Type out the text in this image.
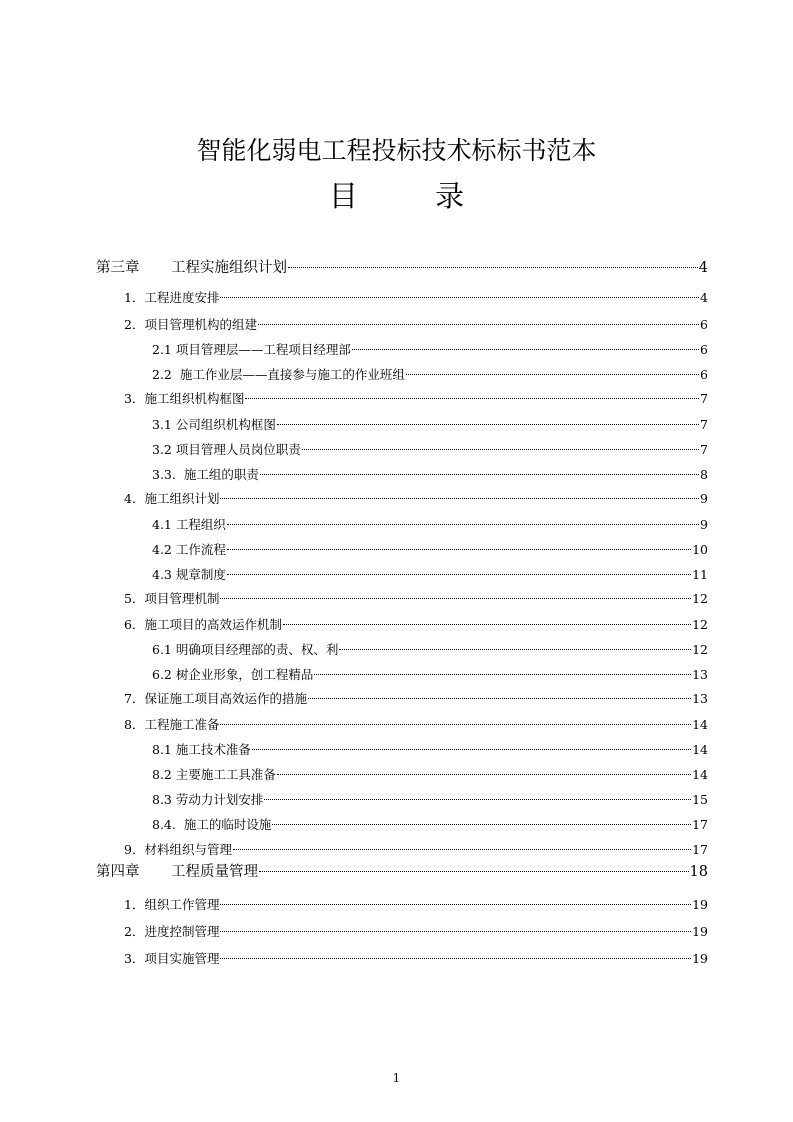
智能化弱电工程投标技术标标书范本
目 录
第三章	工程实施组织计划	4
1． 工程进度安排	4
2． 项目管理机构的组建	6
2.1 项目管理层——工程项目经理部	6
2.2 施工作业层——直接参与施工的作业班组	6
3． 施工组织机构框图	7
3.1 公司组织机构框图	7
3.2 项目管理人员岗位职责	7
3.3. 施工组的职责	8
4． 施工组织计划	9
4.1 工程组织	9
4.2 工作流程	10
4.3 规章制度	11
5． 项目管理机制	12
6． 施工项目的高效运作机制	12
6.1 明确项目经理部的责、权、利	12
6.2 树企业形象，创工程精品	13
7． 保证施工项目高效运作的措施	13
8． 工程施工准备	14
8.1 施工技术准备	14
8.2 主要施工工具准备	14
8.3 劳动力计划安排	15
8.4. 施工的临时设施	17
9． 材料组织与管理	17
第四章	工程质量管理	18
1． 组织工作管理	19
2． 进度控制管理	19
3． 项目实施管理	19
1
